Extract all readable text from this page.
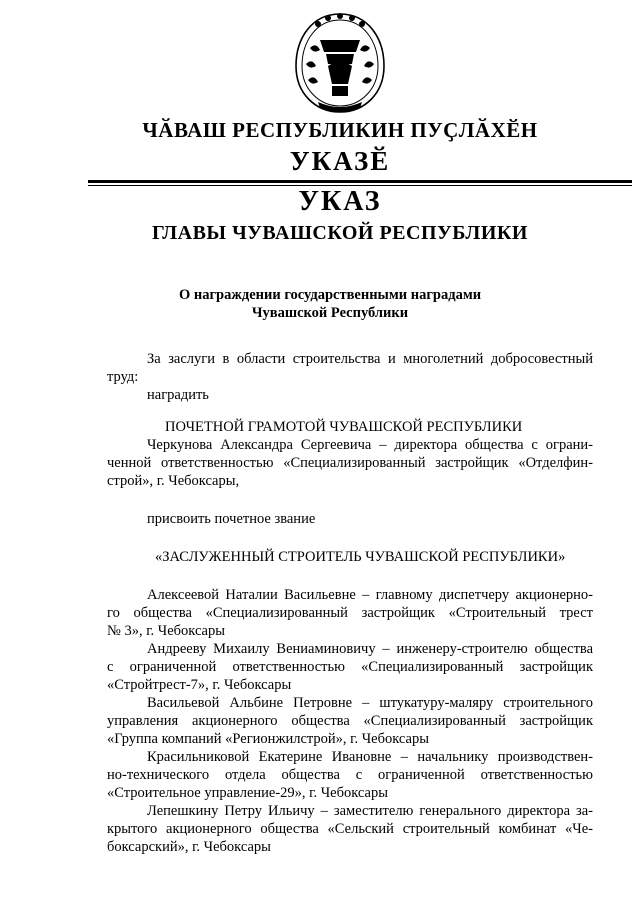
ЧӐВАШ РЕСПУБЛИКИН ПУҪЛӐХӖН
УКАЗӖ
УКАЗ
ГЛАВЫ ЧУВАШСКОЙ РЕСПУБЛИКИ
О награждении государственными наградами
Чувашской Республики
За заслуги в области строительства и многолетний добросовестный
труд:

наградить

ПОЧЕТНОЙ ГРАМОТОЙ ЧУВАШСКОЙ РЕСПУБЛИКИ

Черкунова Александра Сергеевича – директора общества с ограни-
ченной ответственностью «Специализированный застройщик «Отделфин-
строй», г. Чебоксары,

присвоить почетное звание

«ЗАСЛУЖЕННЫЙ СТРОИТЕЛЬ ЧУВАШСКОЙ РЕСПУБЛИКИ»

Алексеевой Наталии Васильевне – главному диспетчеру акционерно-
го общества «Специализированный застройщик «Строительный трест
№ 3», г. Чебоксары
Андрееву Михаилу Вениаминовичу – инженеру-строителю общества
с ограниченной ответственностью «Специализированный застройщик
«Стройтрест-7», г. Чебоксары
Васильевой Альбине Петровне – штукатуру-маляру строительного
управления акционерного общества «Специализированный застройщик
«Группа компаний «Регионжилстрой», г. Чебоксары
Красильниковой Екатерине Ивановне – начальнику производствен-
но-технического отдела общества с ограниченной ответственностью
«Строительное управление-29», г. Чебоксары
Лепешкину Петру Ильичу – заместителю генерального директора за-
крытого акционерного общества «Сельский строительный комбинат «Че-
боксарский», г. Чебоксары
